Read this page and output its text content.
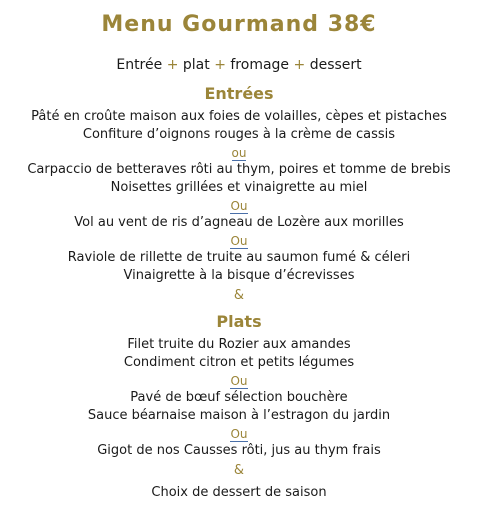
Menu Gourmand 38€
Entrée + plat + fromage + dessert
Entrées
Pâté en croûte maison aux foies de volailles, cèpes et pistaches
Confiture d’oignons rouges à la crème de cassis
ou
Carpaccio de betteraves rôti au thym, poires et tomme de brebis
Noisettes grillées et vinaigrette au miel
Ou
Vol au vent de ris d’agneau de Lozère aux morilles
Ou
Raviole de rillette de truite au saumon fumé & céleri
Vinaigrette à la bisque d’écrevisses
&
Plats
Filet truite du Rozier aux amandes
Condiment citron et petits légumes
Ou
Pavé de bœuf sélection bouchère
Sauce béarnaise maison à l’estragon du jardin
Ou
Gigot de nos Causses rôti, jus au thym frais
&
Choix de dessert de saison
